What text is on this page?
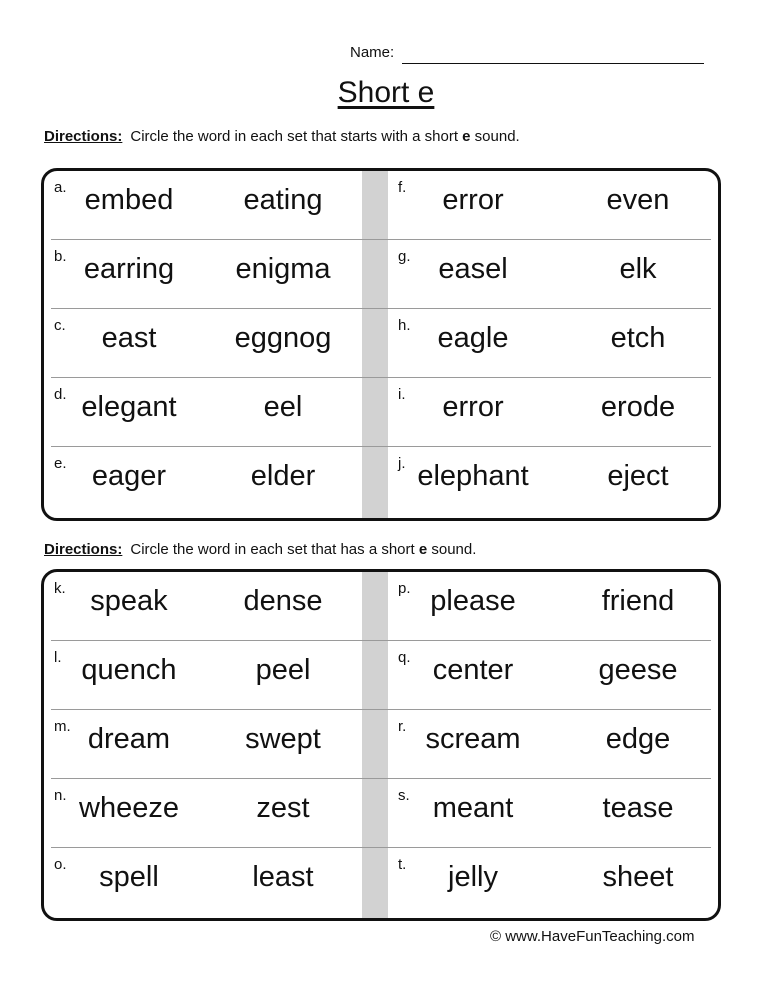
Name:
Short e
Directions: Circle the word in each set that starts with a short e sound.
a. embed	eating	f.	error	even
b. earring	enigma	g. easel	elk
c.	east	eggnog	h. eagle	etch
d. elegant	eel	i.	error	erode
e. eager	elder	j. elephant	eject
Directions: Circle the word in each set that has a short e sound.
k. speak	dense	p. please	friend
l. quench	peel	q. center	geese
m. dream	swept	r. scream	edge
n. wheeze	zest	s. meant	tease
o.	spell	least	t.	jelly	sheet
© www.HaveFunTeaching.com
